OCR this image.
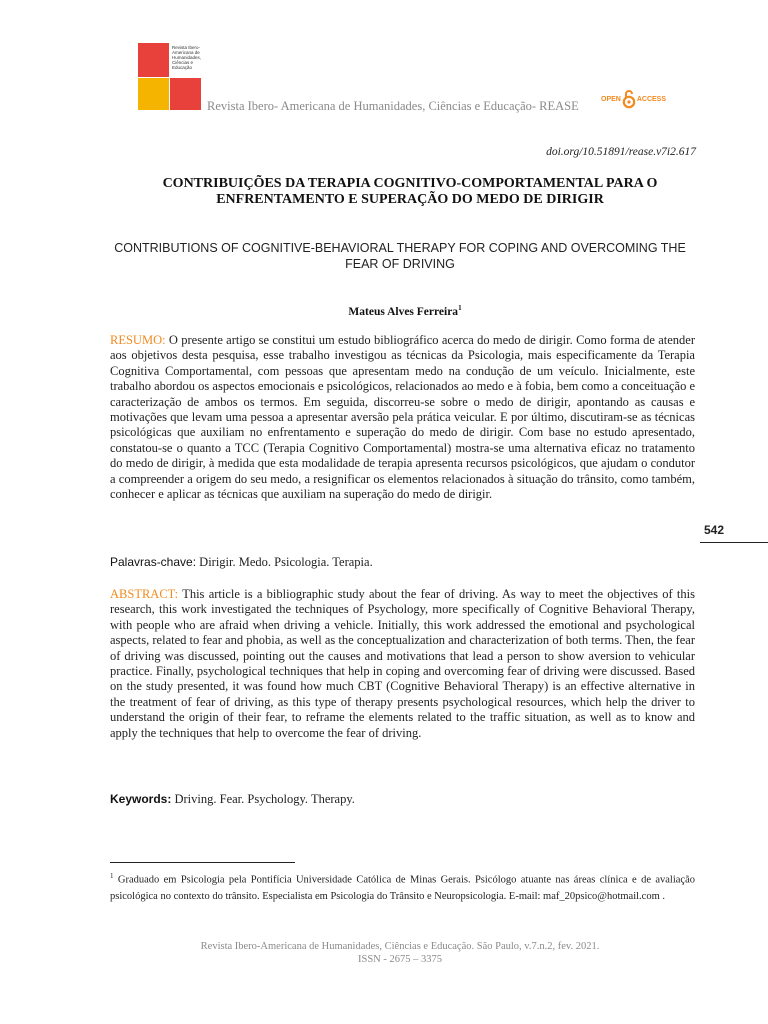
Revista Ibero-
Americana de
Humanidades,
Ciências e
Educação
Revista Ibero- Americana de Humanidades, Ciências e Educação- REASE	OPEN ACCESS
doi.org/10.51891/rease.v7i2.617
CONTRIBUIÇÕES DA TERAPIA COGNITIVO-COMPORTAMENTAL PARA O ENFRENTAMENTO E SUPERAÇÃO DO MEDO DE DIRIGIR
CONTRIBUTIONS OF COGNITIVE-BEHAVIORAL THERAPY FOR COPING AND OVERCOMING THE FEAR OF DRIVING
Mateus Alves Ferreira$^1$
RESUMO: O presente artigo se constitui um estudo bibliográfico acerca do medo de dirigir. Como forma de atender aos objetivos desta pesquisa, esse trabalho investigou as técnicas da Psicologia, mais especificamente da Terapia Cognitiva Comportamental, com pessoas que apresentam medo na condução de um veículo. Inicialmente, este trabalho abordou os aspectos emocionais e psicológicos, relacionados ao medo e à fobia, bem como a conceituação e caracterização de ambos os termos. Em seguida, discorreu-se sobre o medo de dirigir, apontando as causas e motivações que levam uma pessoa a apresentar aversão pela prática veicular. E por último, discutiram-se as técnicas psicológicas que auxiliam no enfrentamento e superação do medo de dirigir. Com base no estudo apresentado, constatou-se o quanto a TCC (Terapia Cognitivo Comportamental) mostra-se uma alternativa eficaz no tratamento do medo de dirigir, à medida que esta modalidade de terapia apresenta recursos psicológicos, que ajudam o condutor a compreender a origem do seu medo, a resignificar os elementos relacionados à situação do trânsito, como também, conhecer e aplicar as técnicas que auxiliam na superação do medo de dirigir.
Palavras-chave: Dirigir. Medo. Psicologia. Terapia.
ABSTRACT: This article is a bibliographic study about the fear of driving. As way to meet the objectives of this research, this work investigated the techniques of Psychology, more specifically of Cognitive Behavioral Therapy, with people who are afraid when driving a vehicle. Initially, this work addressed the emotional and psychological aspects, related to fear and phobia, as well as the conceptualization and characterization of both terms. Then, the fear of driving was discussed, pointing out the causes and motivations that lead a person to show aversion to vehicular practice. Finally, psychological techniques that help in coping and overcoming fear of driving were discussed. Based on the study presented, it was found how much CBT (Cognitive Behavioral Therapy) is an effective alternative in the treatment of fear of driving, as this type of therapy presents psychological resources, which help the driver to understand the origin of their fear, to reframe the elements related to the traffic situation, as well as to know and apply the techniques that help to overcome the fear of driving.
Keywords: Driving. Fear. Psychology. Therapy.
542
$^1$ Graduado em Psicologia pela Pontifícia Universidade Católica de Minas Gerais. Psicólogo atuante nas áreas clínica e de avaliação psicológica no contexto do trânsito. Especialista em Psicologia do Trânsito e Neuropsicologia. E-mail: maf_20psico@hotmail.com .
Revista Ibero-Americana de Humanidades, Ciências e Educação. São Paulo, v.7.n.2, fev. 2021.
ISSN - 2675 – 3375
